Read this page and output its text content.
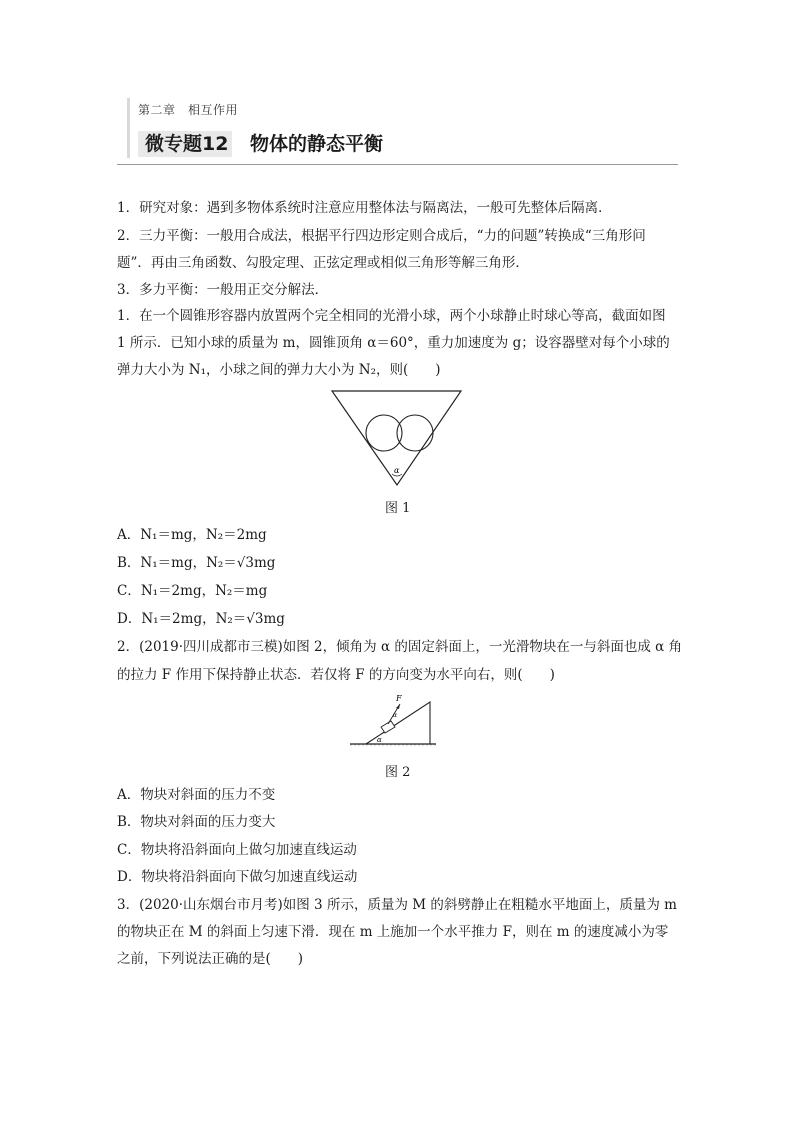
第二章　相互作用
微专题12 物体的静态平衡
1．研究对象：遇到多物体系统时注意应用整体法与隔离法，一般可先整体后隔离．
2．三力平衡：一般用合成法，根据平行四边形定则合成后，“力的问题”转换成“三角形问
题”．再由三角函数、勾股定理、正弦定理或相似三角形等解三角形．
3．多力平衡：一般用正交分解法．
1．在一个圆锥形容器内放置两个完全相同的光滑小球，两个小球静止时球心等高，截面如图
1 所示．已知小球的质量为 m，圆锥顶角 α＝60°，重力加速度为 g；设容器壁对每个小球的
弹力大小为 N₁，小球之间的弹力大小为 N₂，则(　　)
α
图 1
A．N₁＝mg，N₂＝2mg
B．N₁＝mg，N₂＝√3mg
C．N₁＝2mg，N₂＝mg
D．N₁＝2mg，N₂＝√3mg
2．(2019·四川成都市三模)如图 2，倾角为 α 的固定斜面上，一光滑物块在一与斜面也成 α 角
的拉力 F 作用下保持静止状态．若仅将 F 的方向变为水平向右，则(　　)
F
α
α
图 2
A．物块对斜面的压力不变
B．物块对斜面的压力变大
C．物块将沿斜面向上做匀加速直线运动
D．物块将沿斜面向下做匀加速直线运动
3．(2020·山东烟台市月考)如图 3 所示，质量为 M 的斜劈静止在粗糙水平地面上，质量为 m
的物块正在 M 的斜面上匀速下滑．现在 m 上施加一个水平推力 F，则在 m 的速度减小为零
之前，下列说法正确的是(　　)
